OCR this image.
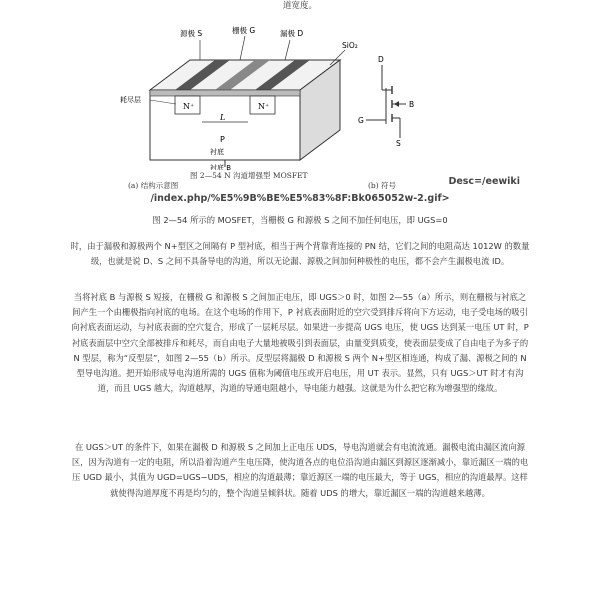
道宽度。
N⁺	N⁺
L
P
衬底
衬底 B
源极 S	栅极 G	漏极 D
SiO₂
耗尽层
D
G
B
S
(a) 结构示意图
图 2—54 N 沟道增强型 MOSFET
(b) 符号	Desc=/eewiki
/index.php/%E5%9B%BE%E5%83%8F:Bk065052w-2.gif>
图 2—54 所示的 MOSFET，当栅极 G 和源极 S 之间不加任何电压，即 UGS=0
时，由于漏极和源极两个 N+型区之间隔有 P 型衬底，相当于两个背靠背连接的 PN 结，它们之间的电阻高达 1012W 的数量级，也就是说 D、S 之间不具备导电的沟道，所以无论漏、源极之间加何种极性的电压，都不会产生漏极电流 ID。
当将衬底 B 与源极 S 短接，在栅极 G 和源极 S 之间加正电压，即 UGS＞0 时，如图 2—55（a）所示，则在栅极与衬底之间产生一个由栅极指向衬底的电场。在这个电场的作用下，P 衬底表面附近的空穴受到排斥将向下方运动，电子受电场的吸引向衬底表面运动，与衬底表面的空穴复合，形成了一层耗尽层。如果进一步提高 UGS 电压，使 UGS 达到某一电压 UT 时，P 衬底表面层中空穴全部被排斥和耗尽，而自由电子大量地被吸引到表面层，由量变到质变，使表面层变成了自由电子为多子的 N 型层，称为“反型层”，如图 2—55（b）所示。反型层将漏极 D 和源极 S 两个 N+型区相连通，构成了漏、源极之间的 N 型导电沟道。把开始形成导电沟道所需的 UGS 值称为阈值电压或开启电压，用 UT 表示。显然，只有 UGS＞UT 时才有沟道，而且 UGS 越大，沟道越厚，沟道的导通电阻越小，导电能力越强。这就是为什么把它称为增强型的缘故。
在 UGS＞UT 的条件下，如果在漏极 D 和源极 S 之间加上正电压 UDS，导电沟道就会有电流流通。漏极电流由漏区流向源区，因为沟道有一定的电阻，所以沿着沟道产生电压降，使沟道各点的电位沿沟道由漏区到源区逐渐减小，靠近漏区一端的电压 UGD 最小，其值为 UGD=UGS−UDS，相应的沟道最薄；靠近源区一端的电压最大，等于 UGS，相应的沟道最厚。这样就使得沟道厚度不再是均匀的，整个沟道呈倾斜状。随着 UDS 的增大，靠近漏区一端的沟道越来越薄。
